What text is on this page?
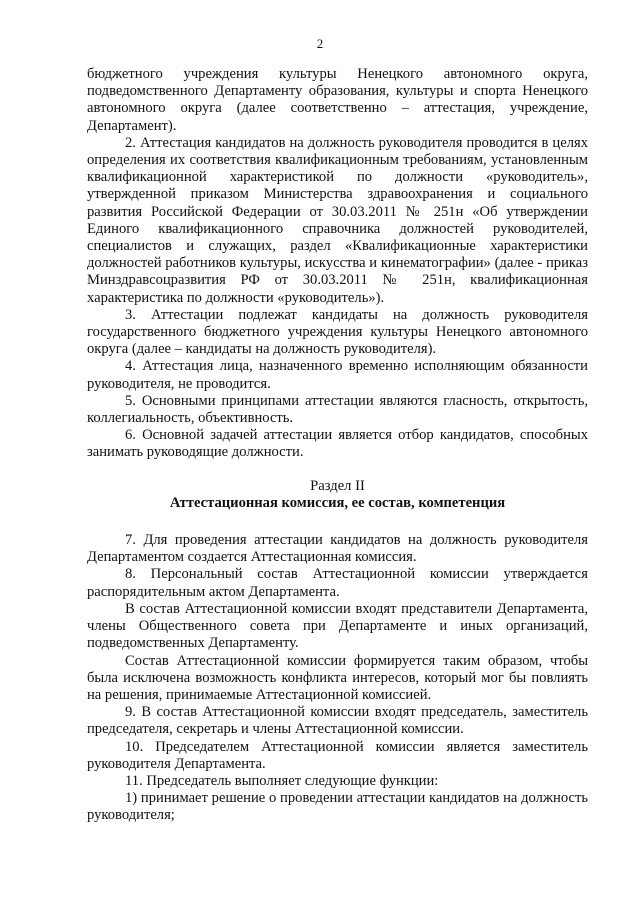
2

бюджетного учреждения культуры Ненецкого автономного округа, подведомственного Департаменту образования, культуры и спорта Ненецкого автономного округа (далее соответственно – аттестация, учреждение, Департамент).

2. Аттестация кандидатов на должность руководителя проводится в целях определения их соответствия квалификационным требованиям, установленным квалификационной характеристикой по должности «руководитель», утвержденной приказом Министерства здравоохранения и социального развития Российской Федерации от 30.03.2011 № 251н «Об утверждении Единого квалификационного справочника должностей руководителей, специалистов и служащих, раздел «Квалификационные характеристики должностей работников культуры, искусства и кинематографии» (далее - приказ Минздравсоцразвития РФ от 30.03.2011 № 251н, квалификационная характеристика по должности «руководитель»).

3. Аттестации подлежат кандидаты на должность руководителя государственного бюджетного учреждения культуры Ненецкого автономного округа (далее – кандидаты на должность руководителя).

4. Аттестация лица, назначенного временно исполняющим обязанности руководителя, не проводится.

5. Основными принципами аттестации являются гласность, открытость, коллегиальность, объективность.

6. Основной задачей аттестации является отбор кандидатов, способных занимать руководящие должности.

Раздел II

Аттестационная комиссия, ее состав, компетенция

7. Для проведения аттестации кандидатов на должность руководителя Департаментом создается Аттестационная комиссия.

8. Персональный состав Аттестационной комиссии утверждается распорядительным актом Департамента.

В состав Аттестационной комиссии входят представители Департамента, члены Общественного совета при Департаменте и иных организаций, подведомственных Департаменту.

Состав Аттестационной комиссии формируется таким образом, чтобы была исключена возможность конфликта интересов, который мог бы повлиять на решения, принимаемые Аттестационной комиссией.

9. В состав Аттестационной комиссии входят председатель, заместитель председателя, секретарь и члены Аттестационной комиссии.

10. Председателем Аттестационной комиссии является заместитель руководителя Департамента.

11. Председатель выполняет следующие функции:

1) принимает решение о проведении аттестации кандидатов на должность руководителя;
